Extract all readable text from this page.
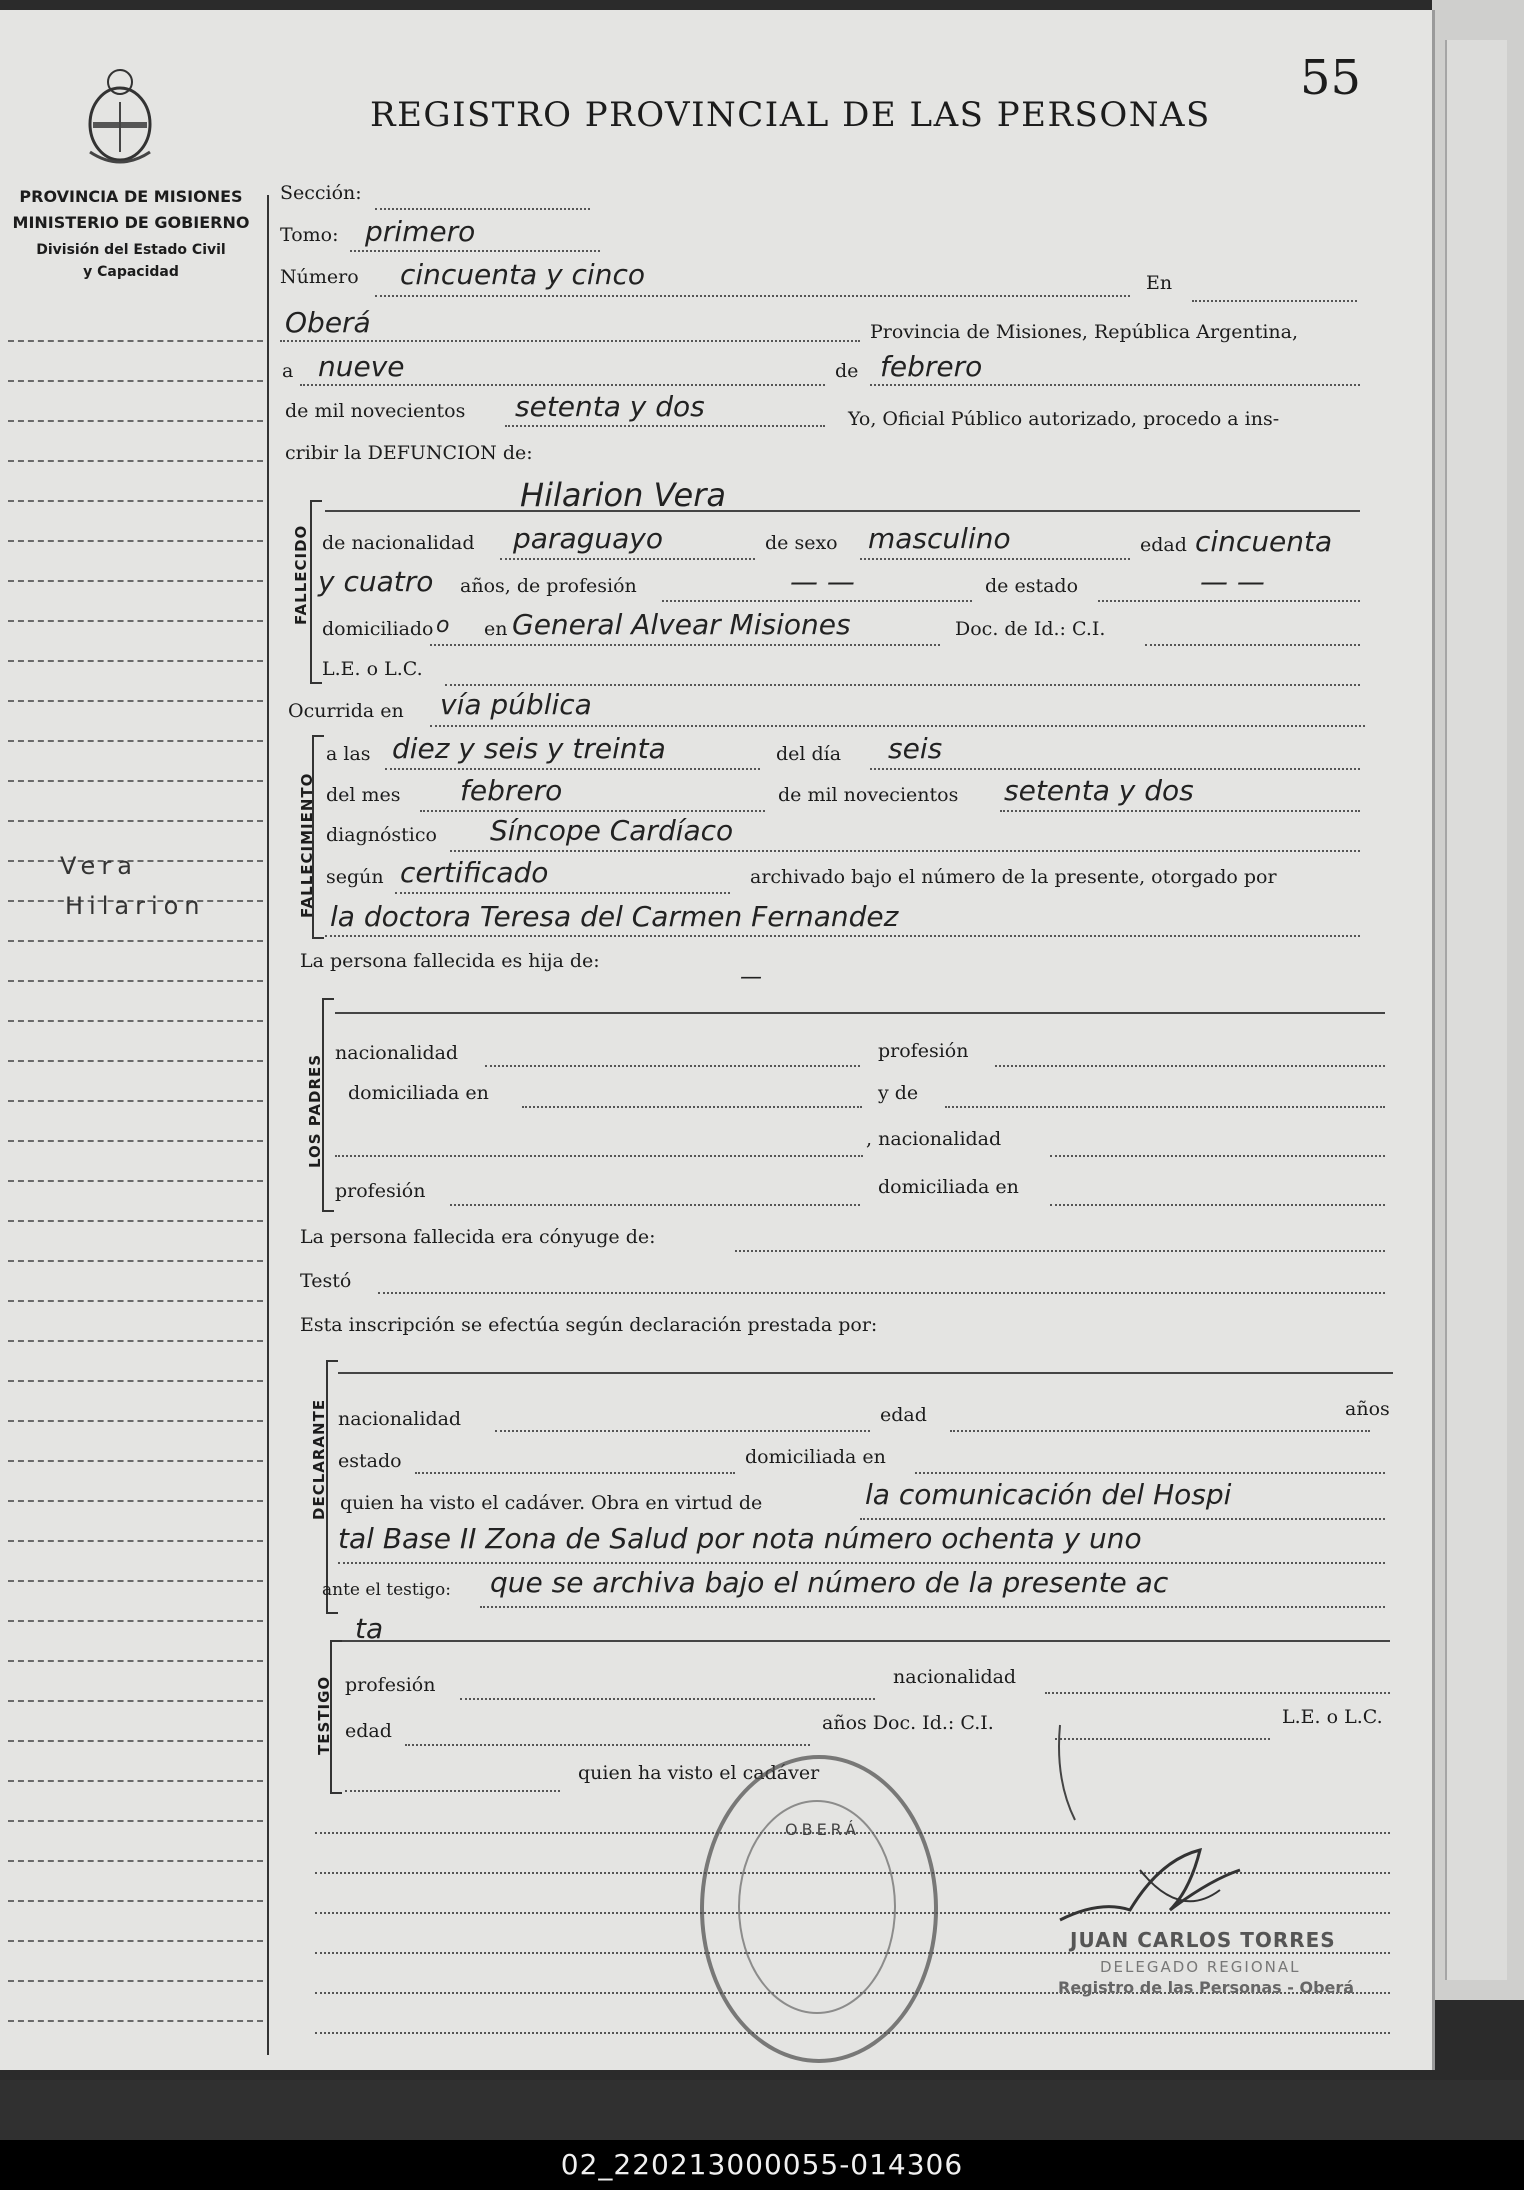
55
REGISTRO PROVINCIAL DE LAS PERSONAS
PROVINCIA DE MISIONES
MINISTERIO DE GOBIERNO
División del Estado Civil
y Capacidad
Vera
Hilarion
Sección:
Tomo: primero
Número cincuenta y cinco	En
Oberá	Provincia de Misiones, República Argentina,
a nueve	de febrero
de mil novecientos setenta y dos	Yo, Oficial Público autorizado, procedo a ins-
cribir la DEFUNCION de:
FALLECIDO
Hilarion Vera
de nacionalidad paraguayo	de sexo masculino	edad cincuenta
y cuatro años, de profesión	— —	de estado	— —
domiciliado o en General Alvear Misiones	Doc. de Id.: C.I.
L.E. o L.C.
Ocurrida en vía pública
FALLECIMIENTO
a las diez y seis y treinta	del día seis
del mes febrero	de mil novecientos setenta y dos
diagnóstico Síncope Cardíaco
según certificado	archivado bajo el número de la presente, otorgado por
la doctora Teresa del Carmen Fernandez
La persona fallecida es hija de:
—
LOS PADRES
nacionalidad	profesión
domiciliada en	y de
, nacionalidad
profesión	domiciliada en
La persona fallecida era cónyuge de:
Testó
Esta inscripción se efectúa según declaración prestada por:
DECLARANTE nacionalidad	edad	años
estado	domiciliada en
quien ha visto el cadáver. Obra en virtud de	la comunicación del Hospi
tal Base II Zona de Salud por nota número ochenta y uno
ante el testigo: que se archiva bajo el número de la presente ac
ta
TESTIGO profesión	nacionalidad
edad	años Doc. Id.: C.I.	L.E. o L.C.
quien ha visto el cadáver
OBERÁ
JUAN CARLOS TORRES
DELEGADO REGIONAL
Registro de las Personas - Oberá
02_220213000055-014306
